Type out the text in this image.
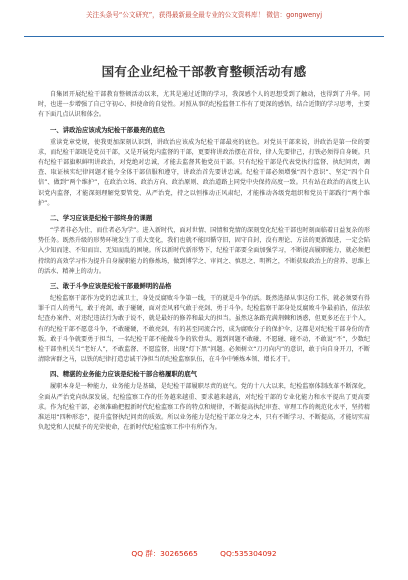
关注头条号“公文研究”，获得最新最全最专业的公文资料库！ 微信：gongwenyj
国有企业纪检干部教育整顿活动有感

自集团开展纪检干部教育整顿活动以来，尤其是通过近期的学习，我深感个人的思想受到了触动，也得到了升华。同时，也进一步增强了自己守初心、担使命的自觉性。对照从事的纪检监督工作有了更深的感悟，结合近期的学习思考，主要有下面几点认识和体会。

一、讲政治应该成为纪检干部最亮的底色

重读党章党规，使我更加深刻认识到，讲政治应该成为纪检干部最亮的底色。对党员干部来说，讲政治是第一位的要求，而纪检干部既是党员干部，又是开展党内监督的干部，更要将讲政治摆在首位，律人先要律己，打铁必须得自身硬。只有纪检干部旗帜鲜明讲政治，对党绝对忠诚，才能去监督其他党员干部。只有纪检干部是代表党执行监督、执纪问责，调查、取证核实纪律问题才能令全体干部信服和遵守，讲政治首先要讲忠诚。纪检干部必须增强“四个意识”、坚定“四个自信”、做到“两个维护”，在政治立场、政治方向、政治原则、政治道路上同党中央保持高度一致。只有站在政治的高度上认识党内监督，才能深刻理解党要管党、从严治党，持之以恒推动正风肃纪，才能推动各级党组织和党员干部践行“两个维护”。

二、学习应该是纪检干部终身的课题

“学者非必为仕，而仕者必为学”。进入新时代，面对世情、国情和党情的深刻变化纪检干部也时刻面临着日益复杂的形势任务。既然升级的形势环境发生了重大变化，我们也就不能因循守旧，固守自封，没有理论、方法的更新跟进，一定会陷入少知而迷、不知而盲、无知而乱的困境。所以新时代新形势下，纪检干部要全面加强学习，不断提高履职能力，就必须把持续的高效学习作为提升自身履职能力的修炼场，做到博学之、审问之、慎思之、明辨之，不断获取政治上的营养、思维上的活水、精神上的动力。

三、敢于斗争应该是纪检干部最鲜明的品格

纪检监察干部作为党的忠诚卫士，身处反腐败斗争第一线，干的就是斗争的活。既然选择从事这份工作，就必须要有得罪千百人的勇气，敢于亮剑，敢于碰硬，面对歪风邪气敢于亮剑、勇于斗争。纪检监察干部身处反腐败斗争最前沿，依法依纪查办案件、对违纪违法行为敢于说不，就是最好的修养和最大的担当。虽然这条路充满荆棘和诱惑，但更多还在于个人，有的纪检干部不愿意斗争，不敢碰硬，不敢亮剑，有的甚至同流合污，成为腐败分子的保护伞，这都是对纪检干部身份的背叛。敢于斗争就要勇于担当，一名纪检干部不能做斗争的软骨头，遇到问题不敢碰、不愿碰、碰不动，不敢说“不”，少数纪检干部坐机关当“老好人”，不敢监督、不愿监督，出现“灯下黑”问题。必须树立“刀刃向内”的意识，敢于向自身开刀，不断清除害群之马，以铁的纪律打造忠诚干净担当的纪检监察队伍，在斗争中锤炼本领、增长才干。

四、精湛的业务能力应该是纪检干部合格履职的底气

履职本身是一种能力，业务能力是基础，是纪检干部履职尽责的底气。党的十八大以来，纪检监察体制改革不断深化，全面从严治党向纵深发展，纪检监察工作的任务越来越重、要求越来越高，对纪检干部的专业化能力和水平提出了更高要求。作为纪检干部，必须准确把握新时代纪检监察工作的特点和规律，不断提高执纪审查、审理工作的规范化水平，坚持精准运用“四种形态”，提升监督执纪问责的质效。所以业务能力是纪检干部立身之本，只有不断学习、不断提高，才能切实肩负起党和人民赋予的光荣使命，在新时代纪检监察工作中有所作为。

QQ 群：30265665	QQ:535304092
